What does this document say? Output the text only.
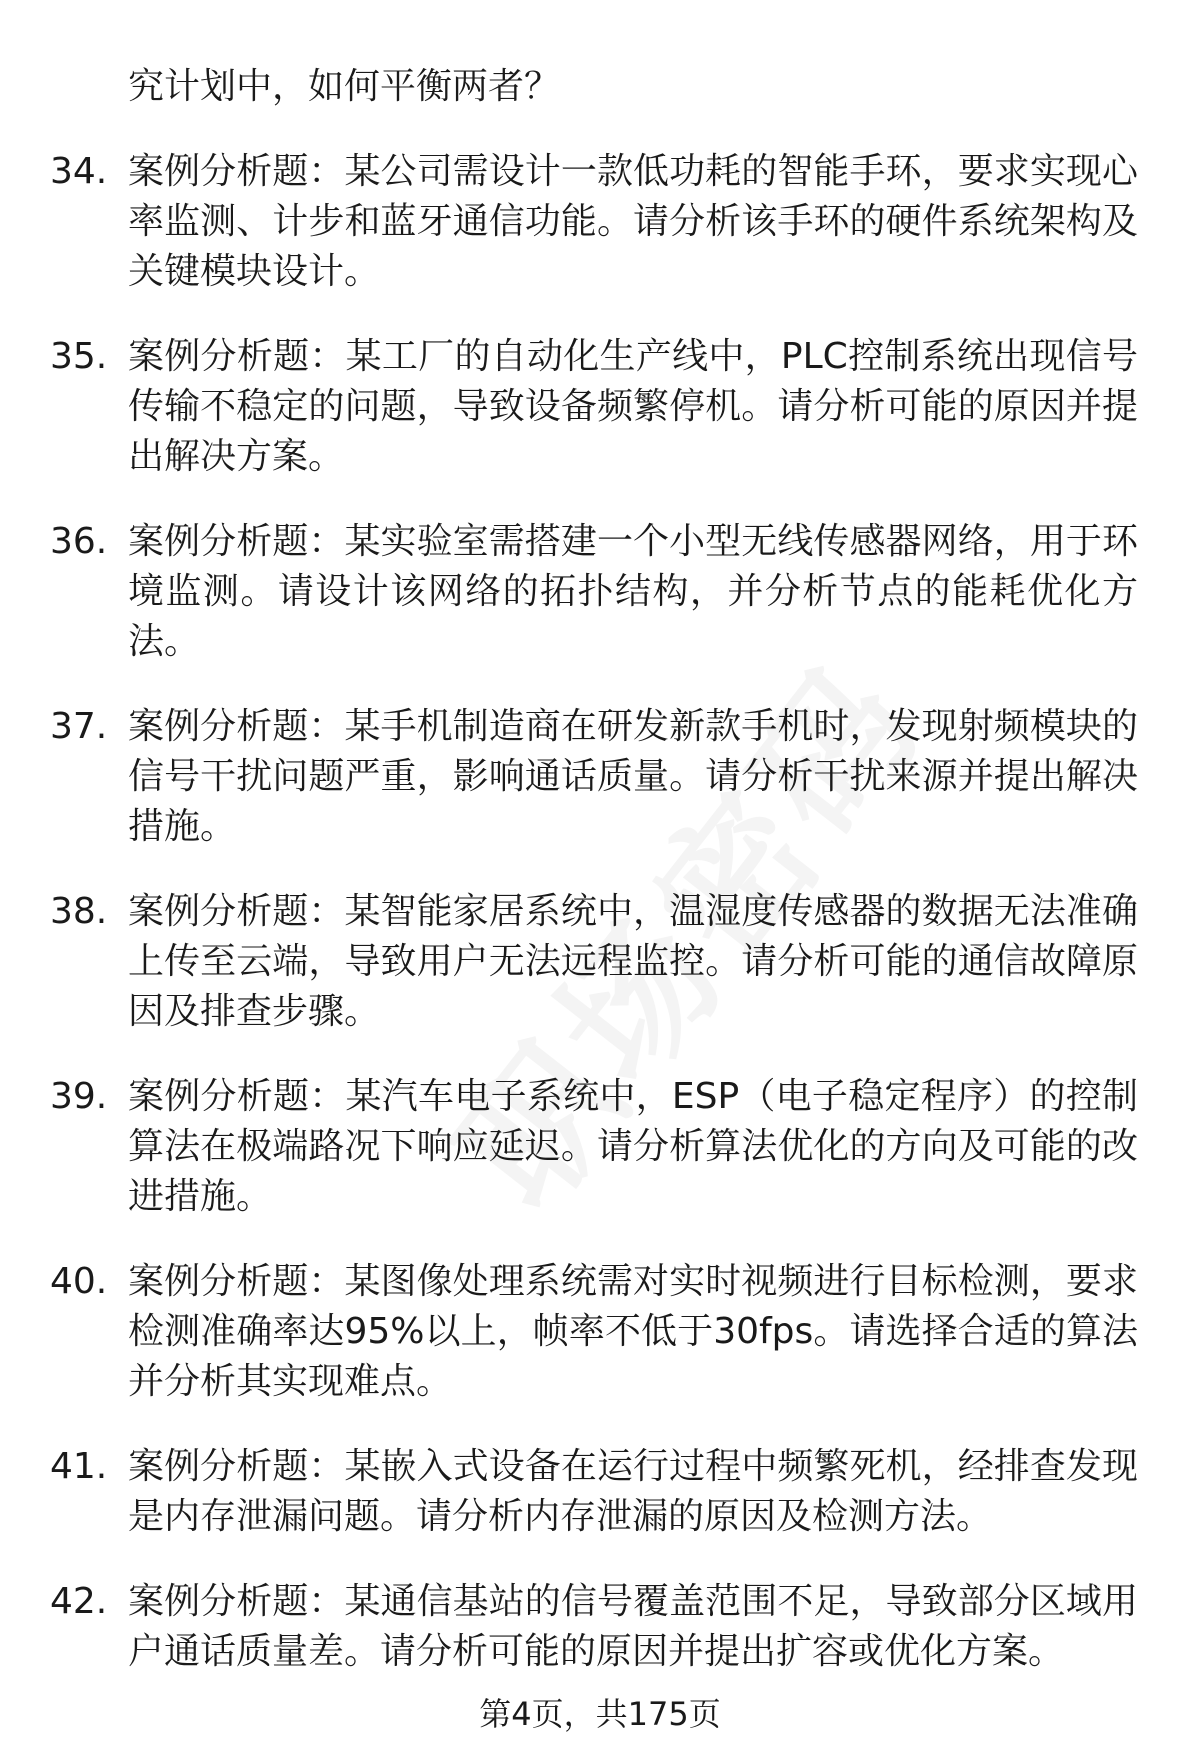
究计划中，如何平衡两者？
34. 案例分析题：某公司需设计一款低功耗的智能手环，要求实现心率监测、计步和蓝牙通信功能。请分析该手环的硬件系统架构及关键模块设计。
35. 案例分析题：某工厂的自动化生产线中，PLC控制系统出现信号传输不稳定的问题，导致设备频繁停机。请分析可能的原因并提出解决方案。
36. 案例分析题：某实验室需搭建一个小型无线传感器网络，用于环境监测。请设计该网络的拓扑结构，并分析节点的能耗优化方法。
37. 案例分析题：某手机制造商在研发新款手机时，发现射频模块的信号干扰问题严重，影响通话质量。请分析干扰来源并提出解决措施。
38. 案例分析题：某智能家居系统中，温湿度传感器的数据无法准确上传至云端，导致用户无法远程监控。请分析可能的通信故障原因及排查步骤。
39. 案例分析题：某汽车电子系统中，ESP（电子稳定程序）的控制算法在极端路况下响应延迟。请分析算法优化的方向及可能的改进措施。
40. 案例分析题：某图像处理系统需对实时视频进行目标检测，要求检测准确率达95%以上，帧率不低于30fps。请选择合适的算法并分析其实现难点。
41. 案例分析题：某嵌入式设备在运行过程中频繁死机，经排查发现是内存泄漏问题。请分析内存泄漏的原因及检测方法。
42. 案例分析题：某通信基站的信号覆盖范围不足，导致部分区域用户通话质量差。请分析可能的原因并提出扩容或优化方案。
第4页，共175页
